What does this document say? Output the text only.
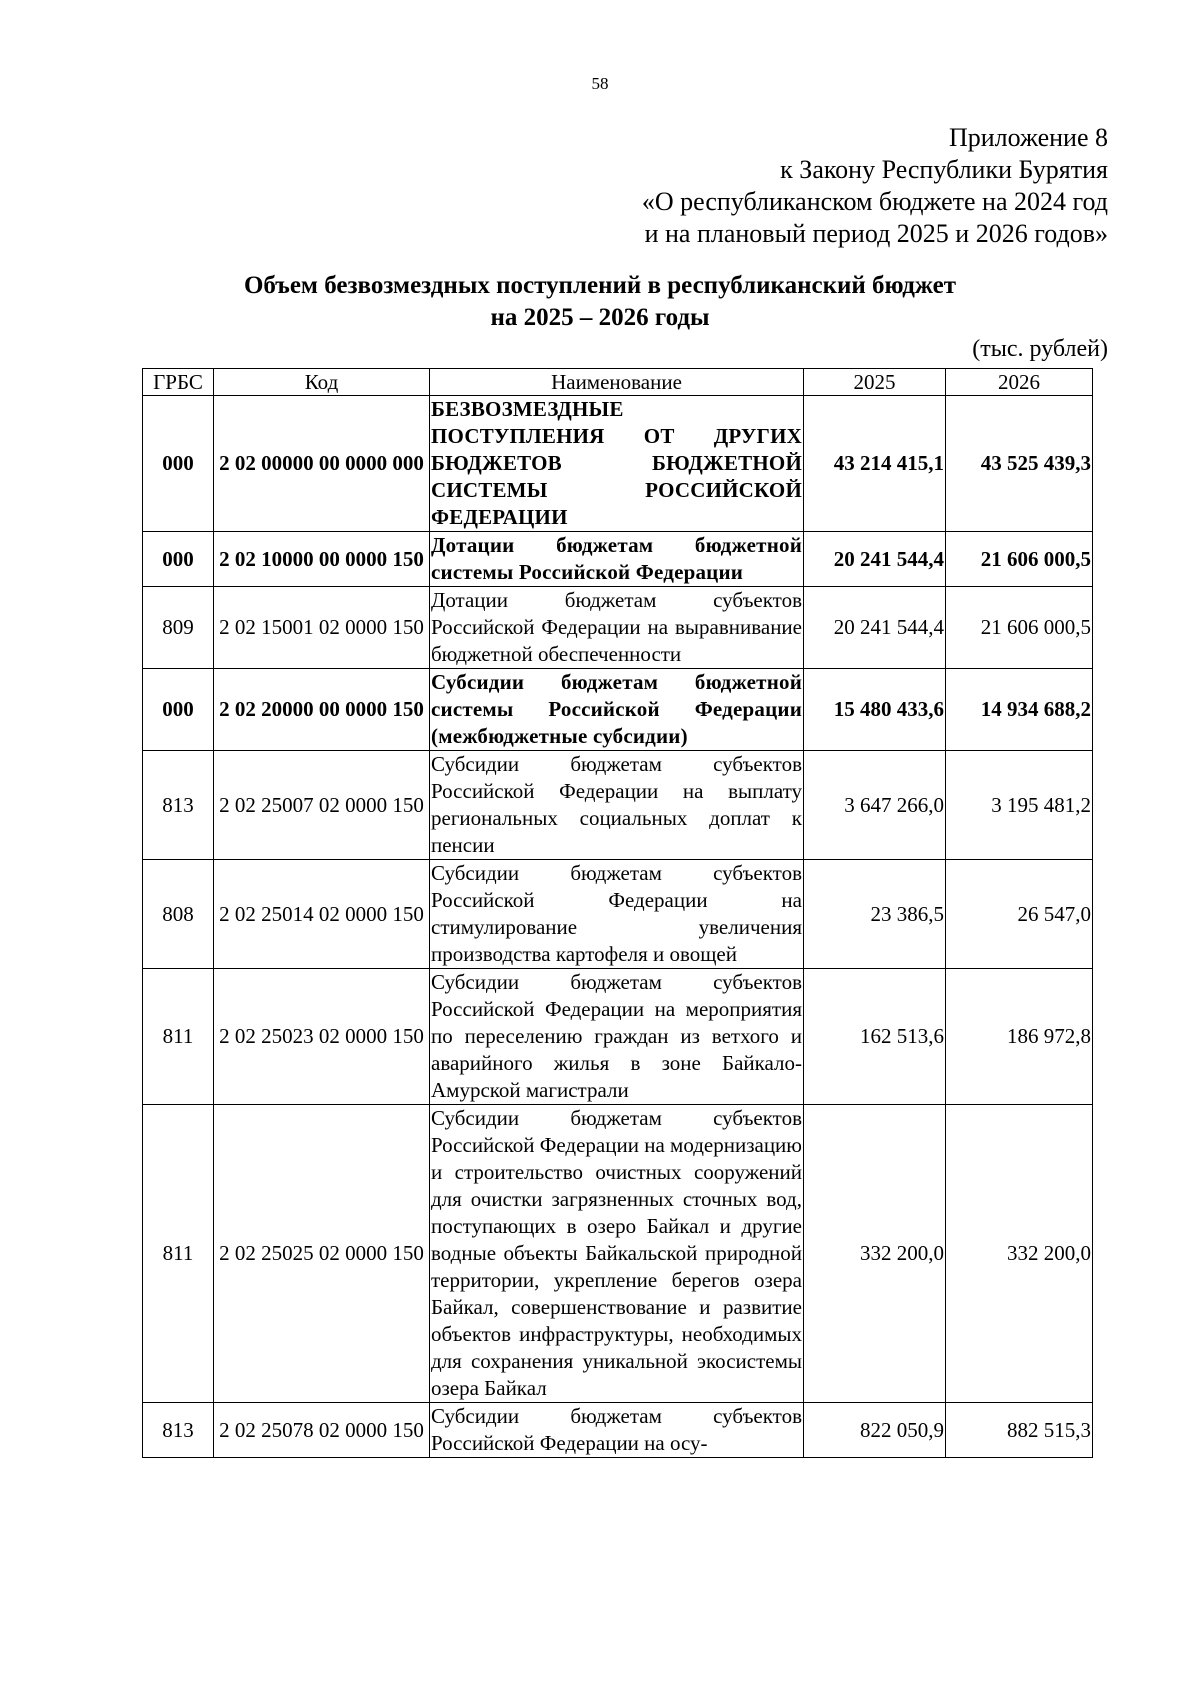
58
Приложение 8
к Закону Республики Бурятия
«О республиканском бюджете на 2024 год
и на плановый период 2025 и 2026 годов»
Объем безвозмездных поступлений в республиканский бюджет
на 2025 – 2026 годы
(тыс. рублей)
ГРБС	Код	Наименование	2025	2026
000	2 02 00000 00 0000 000	БЕЗВОЗМЕЗДНЫЕ ПОСТУПЛЕНИЯ ОТ ДРУГИХ БЮДЖЕТОВ БЮДЖЕТНОЙ СИСТЕМЫ РОССИЙСКОЙ ФЕДЕРАЦИИ	43 214 415,1	43 525 439,3
000	2 02 10000 00 0000 150	Дотации бюджетам бюджетной системы Российской Федерации	20 241 544,4	21 606 000,5
809	2 02 15001 02 0000 150	Дотации бюджетам субъектов Российской Федерации на выравнивание бюджетной обеспеченности	20 241 544,4	21 606 000,5
000	2 02 20000 00 0000 150	Субсидии бюджетам бюджетной системы Российской Федерации (межбюджетные субсидии)	15 480 433,6	14 934 688,2
813	2 02 25007 02 0000 150	Субсидии бюджетам субъектов Российской Федерации на выплату региональных социальных доплат к пенсии	3 647 266,0	3 195 481,2
808	2 02 25014 02 0000 150	Субсидии бюджетам субъектов Российской Федерации на стимулирование увеличения производства картофеля и овощей	23 386,5	26 547,0
811	2 02 25023 02 0000 150	Субсидии бюджетам субъектов Российской Федерации на мероприятия по переселению граждан из ветхого и аварийного жилья в зоне Байкало-Амурской магистрали	162 513,6	186 972,8
811	2 02 25025 02 0000 150	Субсидии бюджетам субъектов Российской Федерации на модернизацию и строительство очистных сооружений для очистки загрязненных сточных вод, поступающих в озеро Байкал и другие водные объекты Байкальской природной территории, укрепление берегов озера Байкал, совершенствование и развитие объектов инфраструктуры, необходимых для сохранения уникальной экосистемы озера Байкал	332 200,0	332 200,0
813	2 02 25078 02 0000 150	Субсидии бюджетам субъектов Российской Федерации на осу-	822 050,9	882 515,3
